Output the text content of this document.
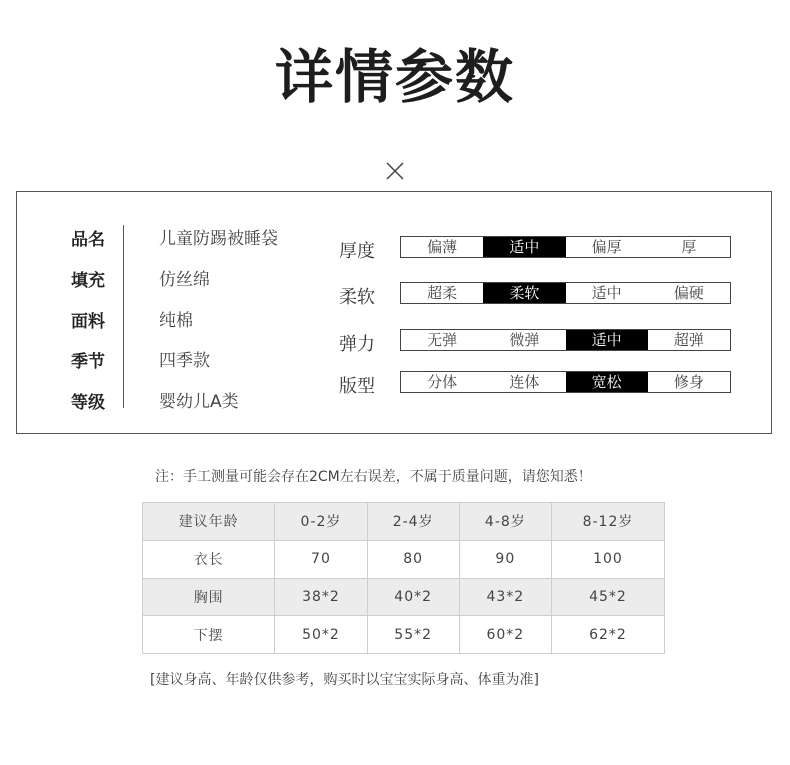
详情参数
品名	儿童防踢被睡袋
填充	仿丝绵
面料	纯棉
季节	四季款
等级	婴幼儿A类
厚度	偏薄	适中	偏厚	厚
柔软	超柔	柔软	适中	偏硬
弹力	无弹	微弹	适中	超弹
版型	分体	连体	宽松	修身
注：手工测量可能会存在2CM左右误差，不属于质量问题，请您知悉！
建议年龄	0-2岁	2-4岁	4-8岁	8-12岁
衣长	70	80	90	100
胸围	38*2	40*2	43*2	45*2
下摆	50*2	55*2	60*2	62*2
[建议身高、年龄仅供参考，购买时以宝宝实际身高、体重为准]
